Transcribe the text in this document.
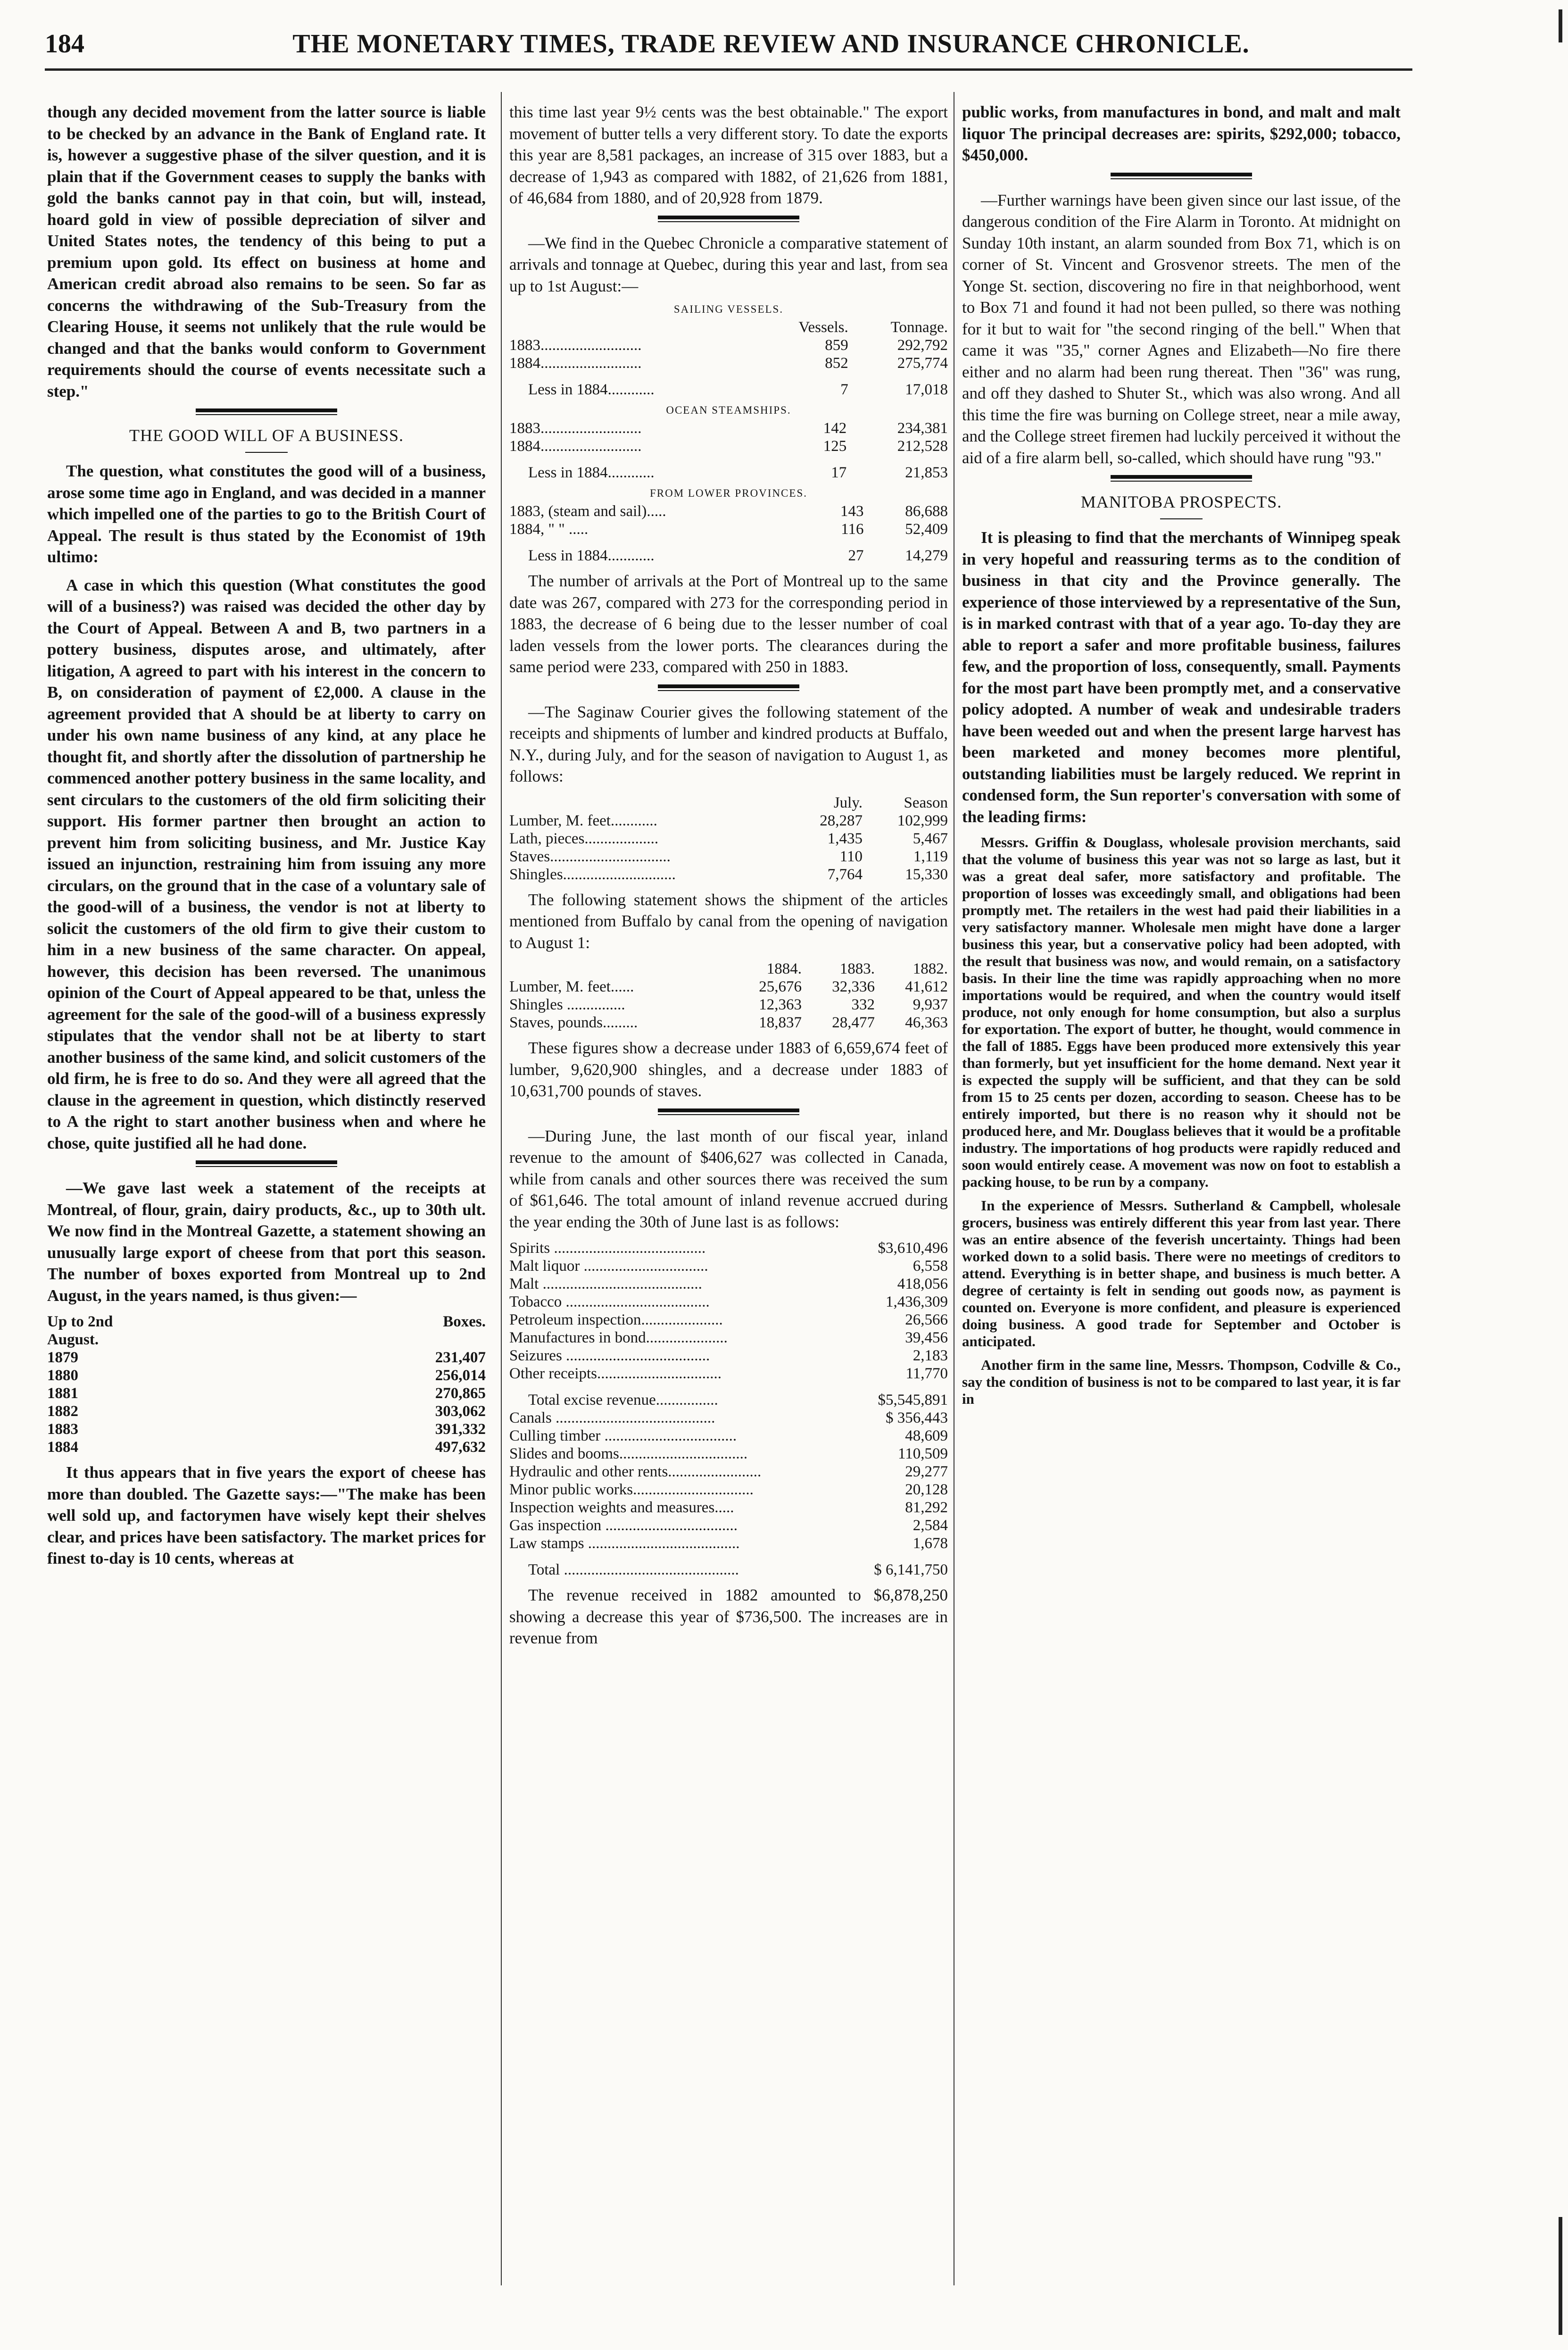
184	THE MONETARY TIMES, TRADE REVIEW AND INSURANCE CHRONICLE.

though any decided movement from the latter source is liable to be checked by an advance in the Bank of England rate. It is, however a suggestive phase of the silver question, and it is plain that if the Government ceases to supply the banks with gold the banks cannot pay in that coin, but will, instead, hoard gold in view of possible depreciation of silver and United States notes, the tendency of this being to put a premium upon gold. Its effect on business at home and American credit abroad also remains to be seen. So far as concerns the withdrawing of the Sub-Treasury from the Clearing House, it seems not unlikely that the rule would be changed and that the banks would conform to Government requirements should the course of events necessitate such a step."

THE GOOD WILL OF A BUSINESS.

The question, what constitutes the good will of a business, arose some time ago in England, and was decided in a manner which impelled one of the parties to go to the British Court of Appeal. The result is thus stated by the Economist of 19th ultimo:

A case in which this question (What constitutes the good will of a business?) was raised was decided the other day by the Court of Appeal. Between A and B, two partners in a pottery business, disputes arose, and ultimately, after litigation, A agreed to part with his interest in the concern to B, on consideration of payment of £2,000. A clause in the agreement provided that A should be at liberty to carry on under his own name business of any kind, at any place he thought fit, and shortly after the dissolution of partnership he commenced another pottery business in the same locality, and sent circulars to the customers of the old firm soliciting their support. His former partner then brought an action to prevent him from soliciting business, and Mr. Justice Kay issued an injunction, restraining him from issuing any more circulars, on the ground that in the case of a voluntary sale of the good-will of a business, the vendor is not at liberty to solicit the customers of the old firm to give their custom to him in a new business of the same character. On appeal, however, this decision has been reversed. The unanimous opinion of the Court of Appeal appeared to be that, unless the agreement for the sale of the good-will of a business expressly stipulates that the vendor shall not be at liberty to start another business of the same kind, and solicit customers of the old firm, he is free to do so. And they were all agreed that the clause in the agreement in question, which distinctly reserved to A the right to start another business when and where he chose, quite justified all he had done.

—We gave last week a statement of the receipts at Montreal, of flour, grain, dairy products, &c., up to 30th ult. We now find in the Montreal Gazette, a statement showing an unusually large export of cheese from that port this season. The number of boxes exported from Montreal up to 2nd August, in the years named, is thus given:—

Up to 2nd	Boxes.
August.	
1879	231,407
1880	256,014
1881	270,865
1882	303,062
1883	391,332
1884	497,632

It thus appears that in five years the export of cheese has more than doubled. The Gazette says:—"The make has been well sold up, and factorymen have wisely kept their shelves clear, and prices have been satisfactory. The market prices for finest to-day is 10 cents, whereas at

this time last year 9½ cents was the best obtainable." The export movement of butter tells a very different story. To date the exports this year are 8,581 packages, an increase of 315 over 1883, but a decrease of 1,943 as compared with 1882, of 21,626 from 1881, of 46,684 from 1880, and of 20,928 from 1879.

—We find in the Quebec Chronicle a comparative statement of arrivals and tonnage at Quebec, during this year and last, from sea up to 1st August:—

SAILING VESSELS.
	Vessels.	Tonnage.
1883..........................	859	292,792
1884..........................	852	275,774
Less in 1884............	7	17,018
OCEAN STEAMSHIPS.
1883..........................	142	234,381
1884..........................	125	212,528
Less in 1884............	17	21,853
FROM LOWER PROVINCES.
1883, (steam and sail).....	143	86,688
1884, " " .....	116	52,409
Less in 1884............	27	14,279

The number of arrivals at the Port of Montreal up to the same date was 267, compared with 273 for the corresponding period in 1883, the decrease of 6 being due to the lesser number of coal laden vessels from the lower ports. The clearances during the same period were 233, compared with 250 in 1883.

—The Saginaw Courier gives the following statement of the receipts and shipments of lumber and kindred products at Buffalo, N.Y., during July, and for the season of navigation to August 1, as follows:

	July.	Season
Lumber, M. feet............	28,287	102,999
Lath, pieces...................	1,435	5,467
Staves...............................	110	1,119
Shingles.............................	7,764	15,330

The following statement shows the shipment of the articles mentioned from Buffalo by canal from the opening of navigation to August 1:

	1884.	1883.	1882.
Lumber, M. feet......	25,676	32,336	41,612
Shingles ...............	12,363	332	9,937
Staves, pounds.........	18,837	28,477	46,363

These figures show a decrease under 1883 of 6,659,674 feet of lumber, 9,620,900 shingles, and a decrease under 1883 of 10,631,700 pounds of staves.

—During June, the last month of our fiscal year, inland revenue to the amount of $406,627 was collected in Canada, while from canals and other sources there was received the sum of $61,646. The total amount of inland revenue accrued during the year ending the 30th of June last is as follows:

Spirits .......................................	$3,610,496
Malt liquor ................................	6,558
Malt .........................................	418,056
Tobacco .....................................	1,436,309
Petroleum inspection.....................	26,566
Manufactures in bond.....................	39,456
Seizures .....................................	2,183
Other receipts................................	11,770
Total excise revenue................	$5,545,891
Canals .........................................	$ 356,443
Culling timber ..................................	48,609
Slides and booms.................................	110,509
Hydraulic and other rents........................	29,277
Minor public works...............................	20,128
Inspection weights and measures.....	81,292
Gas inspection ..................................	2,584
Law stamps .......................................	1,678
Total .............................................	$ 6,141,750

The revenue received in 1882 amounted to $6,878,250 showing a decrease this year of $736,500. The increases are in revenue from

public works, from manufactures in bond, and malt and malt liquor The principal decreases are: spirits, $292,000; tobacco, $450,000.

—Further warnings have been given since our last issue, of the dangerous condition of the Fire Alarm in Toronto. At midnight on Sunday 10th instant, an alarm sounded from Box 71, which is on corner of St. Vincent and Grosvenor streets. The men of the Yonge St. section, discovering no fire in that neighborhood, went to Box 71 and found it had not been pulled, so there was nothing for it but to wait for "the second ringing of the bell." When that came it was "35," corner Agnes and Elizabeth—No fire there either and no alarm had been rung thereat. Then "36" was rung, and off they dashed to Shuter St., which was also wrong. And all this time the fire was burning on College street, near a mile away, and the College street firemen had luckily perceived it without the aid of a fire alarm bell, so-called, which should have rung "93."

MANITOBA PROSPECTS.

It is pleasing to find that the merchants of Winnipeg speak in very hopeful and reassuring terms as to the condition of business in that city and the Province generally. The experience of those interviewed by a representative of the Sun, is in marked contrast with that of a year ago. To-day they are able to report a safer and more profitable business, failures few, and the proportion of loss, consequently, small. Payments for the most part have been promptly met, and a conservative policy adopted. A number of weak and undesirable traders have been weeded out and when the present large harvest has been marketed and money becomes more plentiful, outstanding liabilities must be largely reduced. We reprint in condensed form, the Sun reporter's conversation with some of the leading firms:

Messrs. Griffin & Douglass, wholesale provision merchants, said that the volume of business this year was not so large as last, but it was a great deal safer, more satisfactory and profitable. The proportion of losses was exceedingly small, and obligations had been promptly met. The retailers in the west had paid their liabilities in a very satisfactory manner. Wholesale men might have done a larger business this year, but a conservative policy had been adopted, with the result that business was now, and would remain, on a satisfactory basis. In their line the time was rapidly approaching when no more importations would be required, and when the country would itself produce, not only enough for home consumption, but also a surplus for exportation. The export of butter, he thought, would commence in the fall of 1885. Eggs have been produced more extensively this year than formerly, but yet insufficient for the home demand. Next year it is expected the supply will be sufficient, and that they can be sold from 15 to 25 cents per dozen, according to season. Cheese has to be entirely imported, but there is no reason why it should not be produced here, and Mr. Douglass believes that it would be a profitable industry. The importations of hog products were rapidly reduced and soon would entirely cease. A movement was now on foot to establish a packing house, to be run by a company.

In the experience of Messrs. Sutherland & Campbell, wholesale grocers, business was entirely different this year from last year. There was an entire absence of the feverish uncertainty. Things had been worked down to a solid basis. There were no meetings of creditors to attend. Everything is in better shape, and business is much better. A degree of certainty is felt in sending out goods now, as payment is counted on. Everyone is more confident, and pleasure is experienced doing business. A good trade for September and October is anticipated.

Another firm in the same line, Messrs. Thompson, Codville & Co., say the condition of business is not to be compared to last year, it is far in
